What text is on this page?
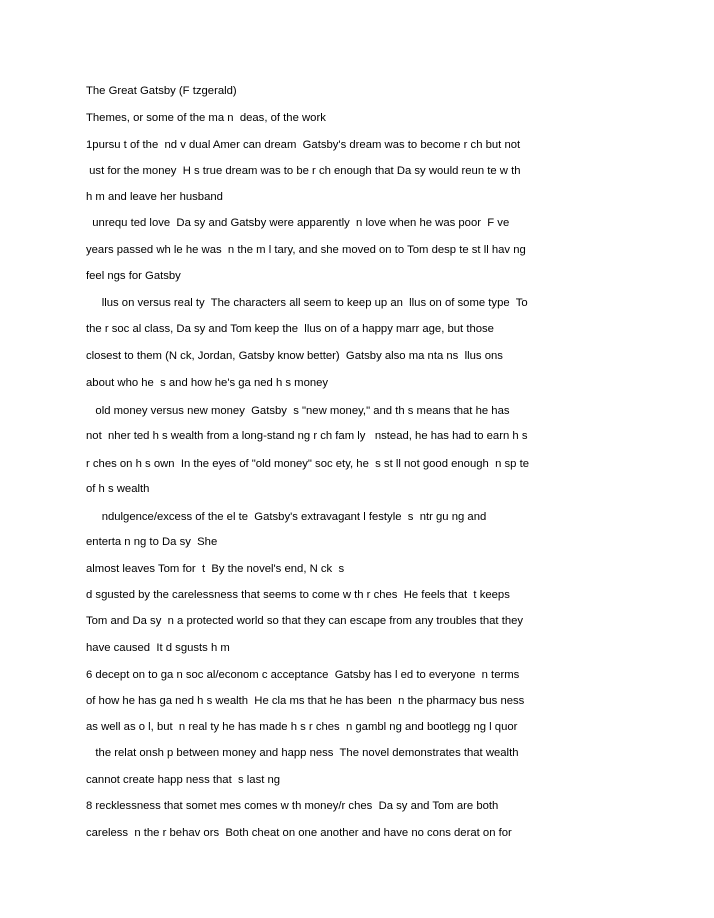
The Great Gatsby (F tzgerald)

Themes, or some of the ma n  deas, of the work

1pursu t of the  nd v dual Amer can dream  Gatsby's dream was to become r ch but not

ust for the money  H s true dream was to be r ch enough that Da sy would reun te w th

h m and leave her husband

unrequ ted love  Da sy and Gatsby were apparently  n love when he was poor  F ve

years passed wh le he was  n the m l tary, and she moved on to Tom desp te st ll hav ng

feel ngs for Gatsby

llus on versus real ty  The characters all seem to keep up an  llus on of some type  To

the r soc al class, Da sy and Tom keep the  llus on of a happy marr age, but those

closest to them (N ck, Jordan, Gatsby know better)  Gatsby also ma nta ns  llus ons

about who he  s and how he's ga ned h s money

old money versus new money  Gatsby  s "new money," and th s means that he has

not  nher ted h s wealth from a long-stand ng r ch fam ly   nstead, he has had to earn h s

r ches on h s own  In the eyes of "old money" soc ety, he  s st ll not good enough  n sp te

of h s wealth

ndulgence/excess of the el te  Gatsby's extravagant l festyle  s  ntr gu ng and

enterta n ng to Da sy  She

almost leaves Tom for  t  By the novel's end, N ck  s

d sgusted by the carelessness that seems to come w th r ches  He feels that  t keeps

Tom and Da sy  n a protected world so that they can escape from any troubles that they

have caused  It d sgusts h m

6 decept on to ga n soc al/econom c acceptance  Gatsby has l ed to everyone  n terms

of how he has ga ned h s wealth  He cla ms that he has been  n the pharmacy bus ness

as well as o l, but  n real ty he has made h s r ches  n gambl ng and bootlegg ng l quor

the relat onsh p between money and happ ness  The novel demonstrates that wealth

cannot create happ ness that  s last ng

8 recklessness that somet mes comes w th money/r ches  Da sy and Tom are both

careless  n the r behav ors  Both cheat on one another and have no cons derat on for
